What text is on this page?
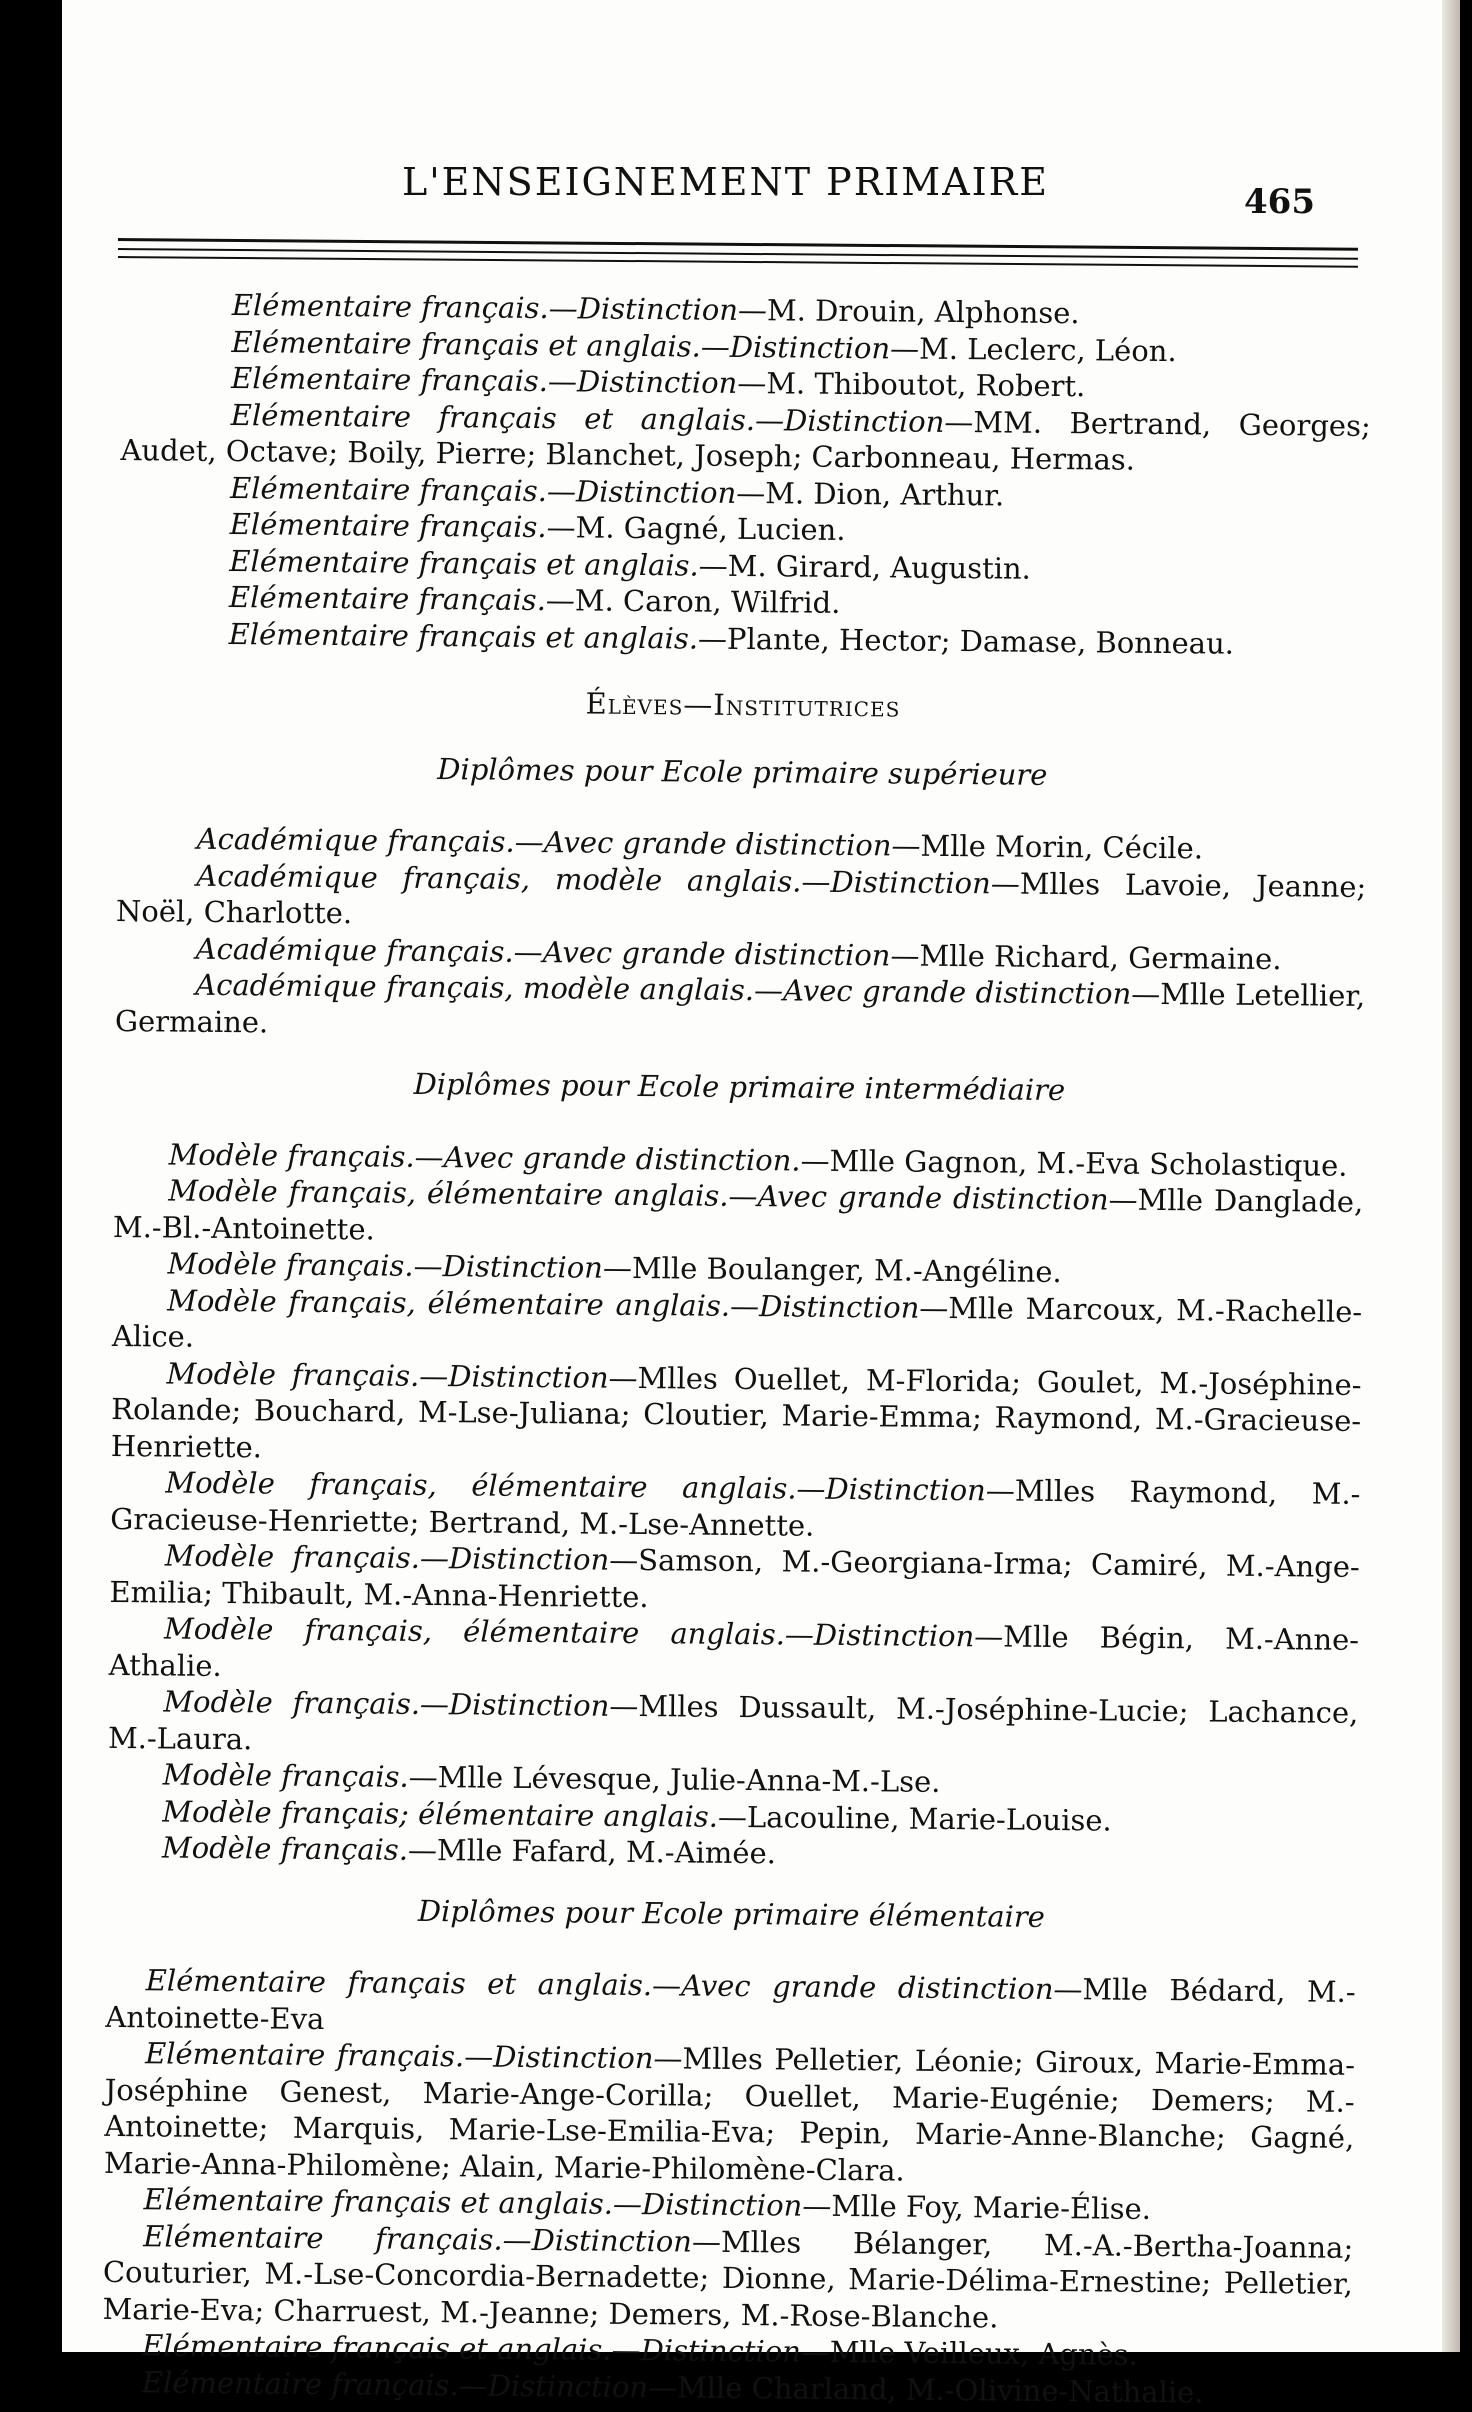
L'ENSEIGNEMENT PRIMAIRE	465
Elémentaire français.—Distinction—M. Drouin, Alphonse.
Elémentaire français et anglais.—Distinction—M. Leclerc, Léon.
Elémentaire français.—Distinction—M. Thiboutot, Robert.
Elémentaire français et anglais.—Distinction—MM. Bertrand, Georges; Audet, Octave; Boily, Pierre; Blanchet, Joseph; Carbonneau, Hermas.
Elémentaire français.—Distinction—M. Dion, Arthur.
Elémentaire français.—M. Gagné, Lucien.
Elémentaire français et anglais.—M. Girard, Augustin.
Elémentaire français.—M. Caron, Wilfrid.
Elémentaire français et anglais.—Plante, Hector; Damase, Bonneau.
Élèves—Institutrices
Diplômes pour Ecole primaire supérieure
Académique français.—Avec grande distinction—Mlle Morin, Cécile.
Académique français, modèle anglais.—Distinction—Mlles Lavoie, Jeanne; Noël, Charlotte.
Académique français.—Avec grande distinction—Mlle Richard, Germaine.
Académique français, modèle anglais.—Avec grande distinction—Mlle Letellier, Germaine.
Diplômes pour Ecole primaire intermédiaire
Modèle français.—Avec grande distinction.—Mlle Gagnon, M.-Eva Scholastique.
Modèle français, élémentaire anglais.—Avec grande distinction—Mlle Danglade, M.-Bl.-Antoinette.
Modèle français.—Distinction—Mlle Boulanger, M.-Angéline.
Modèle français, élémentaire anglais.—Distinction—Mlle Marcoux, M.-Rachelle-Alice.
Modèle français.—Distinction—Mlles Ouellet, M-Florida; Goulet, M.-Joséphine-Rolande; Bouchard, M-Lse-Juliana; Cloutier, Marie-Emma; Raymond, M.-Gracieuse-Henriette.
Modèle français, élémentaire anglais.—Distinction—Mlles Raymond, M.-Gracieuse-Henriette; Bertrand, M.-Lse-Annette.
Modèle français.—Distinction—Samson, M.-Georgiana-Irma; Camiré, M.-Ange-Emilia; Thibault, M.-Anna-Henriette.
Modèle français, élémentaire anglais.—Distinction—Mlle Bégin, M.-Anne-Athalie.
Modèle français.—Distinction—Mlles Dussault, M.-Joséphine-Lucie; Lachance, M.-Laura.
Modèle français.—Mlle Lévesque, Julie-Anna-M.-Lse.
Modèle français; élémentaire anglais.—Lacouline, Marie-Louise.
Modèle français.—Mlle Fafard, M.-Aimée.
Diplômes pour Ecole primaire élémentaire
Elémentaire français et anglais.—Avec grande distinction—Mlle Bédard, M.-Antoinette-Eva
Elémentaire français.—Distinction—Mlles Pelletier, Léonie; Giroux, Marie-Emma-Joséphine Genest, Marie-Ange-Corilla; Ouellet, Marie-Eugénie; Demers; M.-Antoinette; Marquis, Marie-Lse-Emilia-Eva; Pepin, Marie-Anne-Blanche; Gagné, Marie-Anna-Philomène; Alain, Marie-Philomène-Clara.
Elémentaire français et anglais.—Distinction—Mlle Foy, Marie-Élise.
Elémentaire français.—Distinction—Mlles Bélanger, M.-A.-Bertha-Joanna; Couturier, M.-Lse-Concordia-Bernadette; Dionne, Marie-Délima-Ernestine; Pelletier, Marie-Eva; Charruest, M.-Jeanne; Demers, M.-Rose-Blanche.
Elémentaire français et anglais.—Distinction—Mlle Veilleux, Agnès.
Elémentaire français.—Distinction—Mlle Charland, M.-Olivine-Nathalie.
